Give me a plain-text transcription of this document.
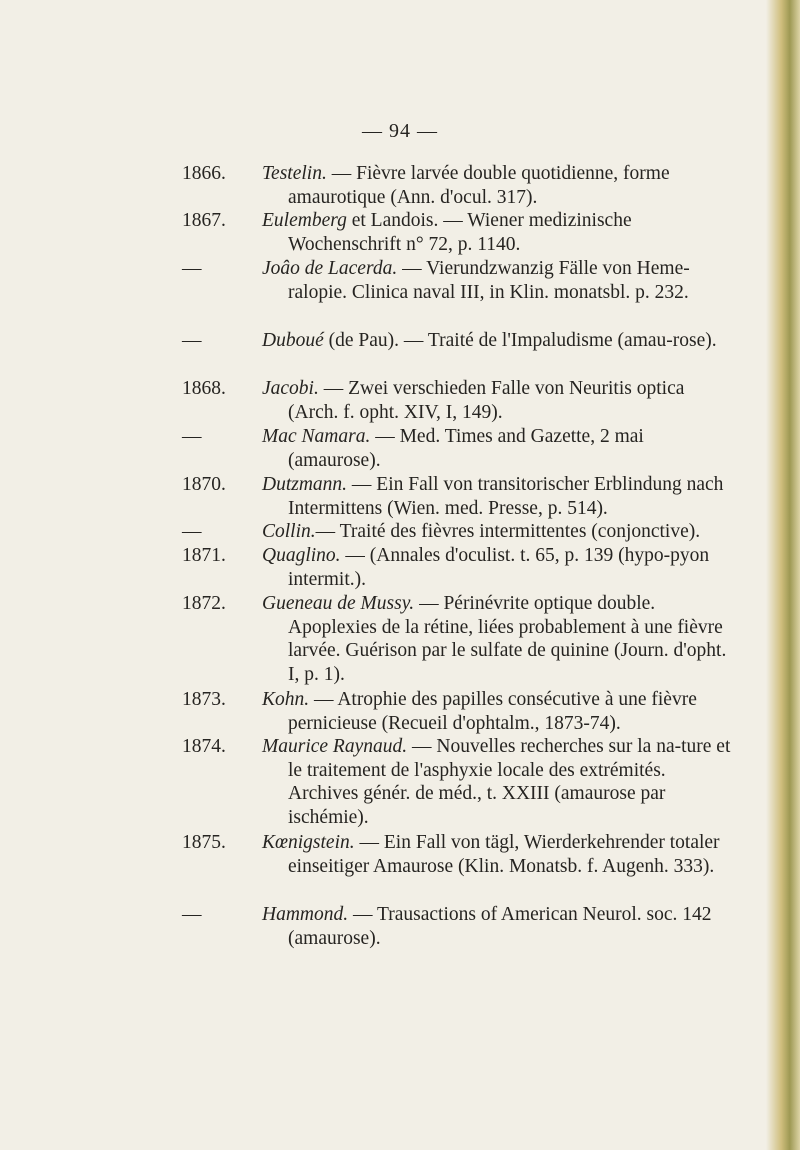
— 94 —
1866.	Testelin. — Fièvre larvée double quotidienne, forme amaurotique (Ann. d'ocul. 317).
1867.	Eulemberg et Landois. — Wiener medizinische Wochenschrift n° 72, p. 1140.
—	Joâo de Lacerda. — Vierundzwanzig Fälle von Heme-ralopie. Clinica naval III, in Klin. monatsbl. p. 232.
—	Duboué (de Pau). — Traité de l'Impaludisme (amau-rose).
1868.	Jacobi. — Zwei verschieden Falle von Neuritis optica (Arch. f. opht. XIV, I, 149).
—	Mac Namara. — Med. Times and Gazette, 2 mai (amaurose).
1870.	Dutzmann. — Ein Fall von transitorischer Erblindung nach Intermittens (Wien. med. Presse, p. 514).
—	Collin.— Traité des fièvres intermittentes (conjonctive).
1871.	Quaglino. — (Annales d'oculist. t. 65, p. 139 (hypo-pyon intermit.).
1872.	Gueneau de Mussy. — Périnévrite optique double. Apoplexies de la rétine, liées probablement à une fièvre larvée. Guérison par le sulfate de quinine (Journ. d'opht. I, p. 1).
1873.	Kohn. — Atrophie des papilles consécutive à une fièvre pernicieuse (Recueil d'ophtalm., 1873-74).
1874.	Maurice Raynaud. — Nouvelles recherches sur la na-ture et le traitement de l'asphyxie locale des extrémités. Archives génér. de méd., t. XXIII (amaurose par ischémie).
1875.	Kœnigstein. — Ein Fall von tägl, Wierderkehrender totaler einseitiger Amaurose (Klin. Monatsb. f. Augenh. 333).
—	Hammond. — Trausactions of American Neurol. soc. 142 (amaurose).
